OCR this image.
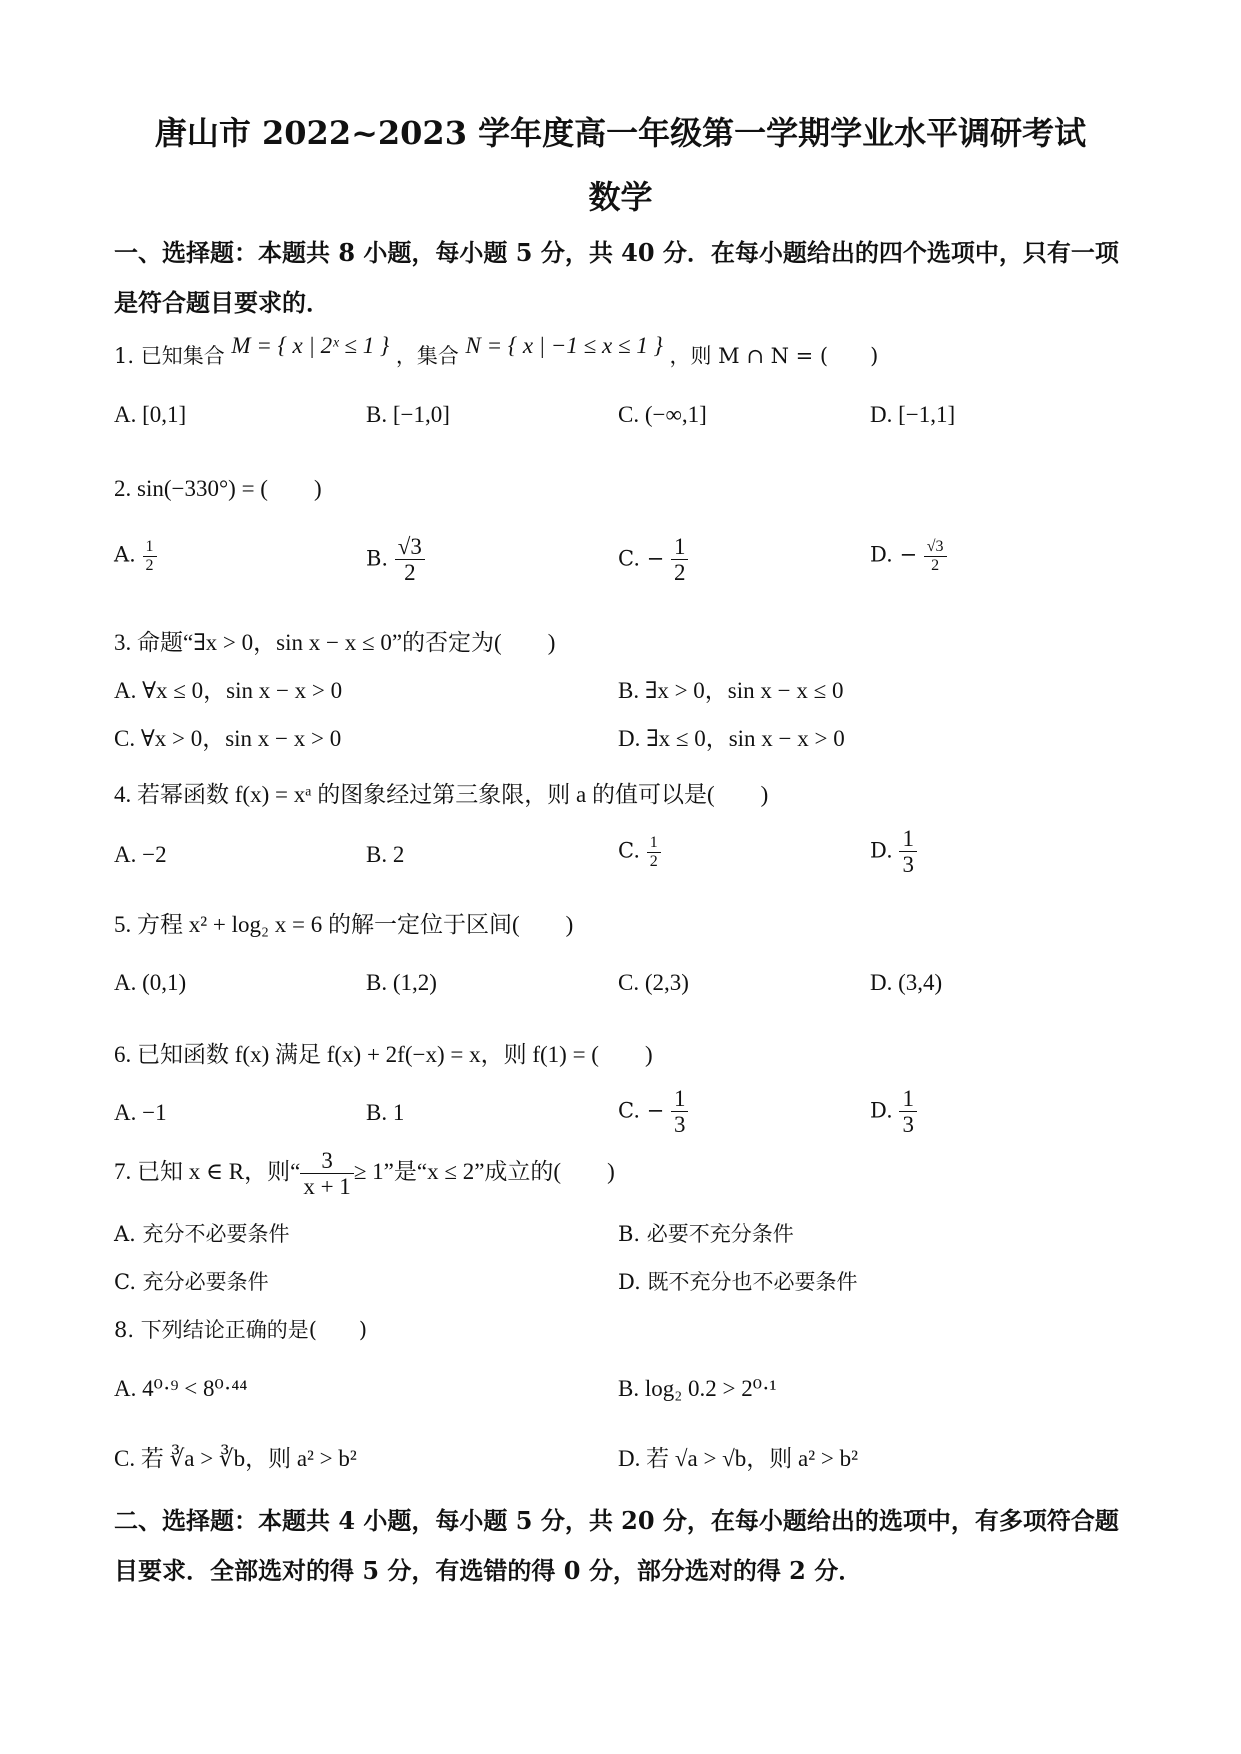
唐山市 2022~2023 学年度高一年级第一学期学业水平调研考试
数学
一、选择题：本题共 8 小题，每小题 5 分，共 40 分．在每小题给出的四个选项中，只有一项
是符合题目要求的．
1. 已知集合 M = { x | 2ˣ ≤ 1 } ，集合 N = { x | −1 ≤ x ≤ 1 } ，则 M ∩ N = (　　)
A. [0,1]	B. [−1,0]	C. (−∞,1]	D. [−1,1]
2. sin(−330°) = (　　)
A. $\frac{1}{2}$	B. $\frac{√3}{2}$	C. − $\frac{1}{2}$	D. − $\frac{√3}{2}$
3. 命题“∃x > 0，sin x − x ≤ 0”的否定为(　　)
A. ∀x ≤ 0，sin x − x > 0	B. ∃x > 0，sin x − x ≤ 0
C. ∀x > 0，sin x − x > 0	D. ∃x ≤ 0，sin x − x > 0
4. 若幂函数 f(x) = xᵃ 的图象经过第三象限，则 a 的值可以是(　　)
A. −2	B. 2	C. $\frac{1}{2}$	D. $\frac{1}{3}$
5. 方程 x² + log₂ x = 6 的解一定位于区间(　　)
A. (0,1)	B. (1,2)	C. (2,3)	D. (3,4)
6. 已知函数 f(x) 满足 f(x) + 2f(−x) = x，则 f(1) = (　　)
A. −1	B. 1	C. − $\frac{1}{3}$	D. $\frac{1}{3}$
7. 已知 x ∈ R，则“ $\frac{3}{x + 1} \ge 1$”是“x ≤ 2”成立的(　　)
A. 充分不必要条件	B. 必要不充分条件
C. 充分必要条件	D. 既不充分也不必要条件
8. 下列结论正确的是(　　)
A. 4⁰·⁹ < 8⁰·⁴⁴	B. log₂ 0.2 > 2⁰·¹
C. 若 ∛a > ∛b，则 a² > b²	D. 若 √a > √b，则 a² > b²
二、选择题：本题共 4 小题，每小题 5 分，共 20 分，在每小题给出的选项中，有多项符合题
目要求．全部选对的得 5 分，有选错的得 0 分，部分选对的得 2 分．
